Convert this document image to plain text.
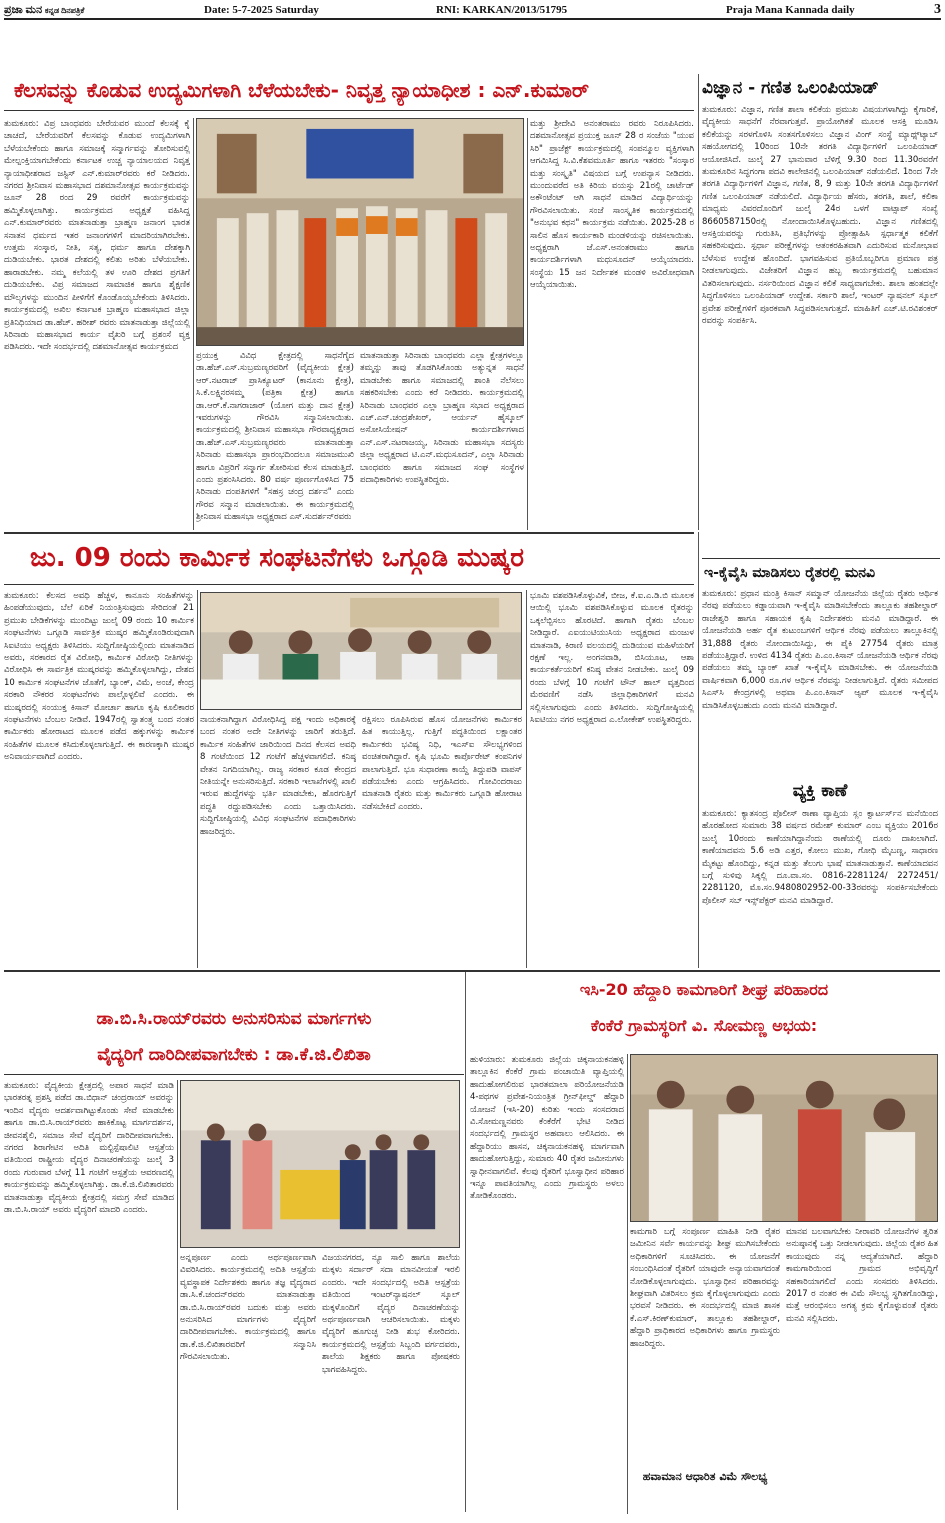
ಪ್ರಜಾ ಮನ ಕನ್ನಡ ದಿನಪತ್ರಿಕೆ	Date: 5-7-2025 Saturday	RNI: KARKAN/2013/51795	Praja Mana Kannada daily	3
ಕೆಲಸವನ್ನು ಕೊಡುವ ಉದ್ಯಮಿಗಳಾಗಿ ಬೆಳೆಯಬೇಕು- ನಿವೃತ್ತ ನ್ಯಾಯಾಧೀಶ : ಎನ್.ಕುಮಾರ್
ತುಮಕೂರು: ವಿಪ್ರ ಬಾಂಧವರು ಬೇರೆಯವರ ಮುಂದೆ ಕೆಲಸಕ್ಕೆ ಕೈ ಚಾಚದೆ, ಬೇರೆಯವರಿಗೆ ಕೆಲಸವನ್ನು ಕೊಡುವ ಉದ್ಯಮಿಗಳಾಗಿ ಬೆಳೆಯಬೇಕೆಂದು ಹಾಗೂ ಸಮಾಜಕ್ಕೆ ಸನ್ಮಾರ್ಗವನ್ನು ತೋರಿಸುವಲ್ಲಿ ಮೇಲ್ಪಂಕ್ತಿಯಾಗಬೇಕೆಂದು ಕರ್ನಾಟಕ ಉಚ್ಚ ನ್ಯಾಯಾಲಯದ ನಿವೃತ್ತ ನ್ಯಾಯಾಧೀಶರಾದ ಜಸ್ಟಿಸ್ ಎನ್.ಕುಮಾರ್‌ರವರು ಕರೆ ನೀಡಿದರು. ನಗರದ ಶ್ರೀನಿವಾಸ ಮಹಾಸಭಾದ ದಶಮಾನೋತ್ಸವ ಕಾರ್ಯಕ್ರಮವನ್ನು ಜೂನ್ 28 ರಂದ 29 ರವರೆಗೆ ಕಾರ್ಯಕ್ರಮವನ್ನು ಹಮ್ಮಿಕೊಳ್ಳಲಾಗಿತ್ತು. ಕಾರ್ಯಕ್ರಮದ ಅಧ್ಯಕ್ಷತೆ ವಹಿಸಿದ್ದ ಎನ್.ಕುಮಾರ್‌ರವರು ಮಾತನಾಡುತ್ತಾ ಬ್ರಾಹ್ಮಣ ಜನಾಂಗ ಭಾರತ ಸನಾತನ ಧರ್ಮದ ಇತರ ಜನಾಂಗಗಳಿಗೆ ಮಾದರಿಯಾಗಿರಬೇಕು. ಉತ್ತಮ ಸಂಸ್ಕಾರ, ನೀತಿ, ಸತ್ಯ, ಧರ್ಮ ಹಾಗೂ ದೇಶಕ್ಕಾಗಿ ದುಡಿಯಬೇಕು. ಭಾರತ ದೇಶದಲ್ಲಿ ಕಲಿತು ಅರಿತು ಬೆಳೆಯಬೇಕು. ಹಾರಾಡಬೇಕು. ನಮ್ಮ ಕಲೆಯಲ್ಲಿ ತಳ ಊರಿ ದೇಶದ ಪ್ರಗತಿಗೆ ದುಡಿಯಬೇಕು. ವಿಪ್ರ ಸಮಾಜದ ಸಾಮಾಜಿಕ ಹಾಗೂ ಶೈಕ್ಷಣಿಕ ಮೌಲ್ಯಗಳನ್ನು ಮುಂದಿನ ಪೀಳಿಗೆಗೆ ಕೊಂಡೊಯ್ಯಬೇಕೆಂದು ತಿಳಿಸಿದರು. ಕಾರ್ಯಕ್ರಮದಲ್ಲಿ ಅಖಿಲ ಕರ್ನಾಟಕ ಬ್ರಾಹ್ಮಣ ಮಹಾಸಭಾದ ಜಿಲ್ಲಾ ಪ್ರತಿನಿಧಿಯಾದ ಡಾ.ಹೆಚ್. ಹರೀಶ್ ರವರು ಮಾತನಾಡುತ್ತಾ ಜಿಲ್ಲೆಯಲ್ಲಿ ಸಿರಿನಾಡು ಮಹಾಸಭಾದ ಕಾರ್ಯ ವೈಖರಿ ಬಗ್ಗೆ ಪ್ರಶಂಸೆ ವ್ಯಕ್ತ ಪಡಿಸಿದರು. ಇದೇ ಸಂದರ್ಭದಲ್ಲಿ ದಶಮಾನೋತ್ಸವ ಕಾರ್ಯಕ್ರಮದ
ಪ್ರಯುಕ್ತ ವಿವಿಧ ಕ್ಷೇತ್ರದಲ್ಲಿ ಸಾಧನೆಗೈದ ಡಾ.ಹೆಚ್.ಎಸ್.ಸುಬ್ರಮಣ್ಯರವರಿಗೆ (ವೈದ್ಯಕೀಯ ಕ್ಷೇತ್ರ) ಆರ್.ನಟರಾಜ್ ಪ್ರಾಸಿಕ್ಯೂಟರ್ (ಕಾನೂನು ಕ್ಷೇತ್ರ), ಸಿ.ಕೆ.ಲಕ್ಷ್ಮಿನರಸಮ್ಮ (ಪತ್ರಿಕಾ ಕ್ಷೇತ್ರ) ಹಾಗೂ ಡಾ.ಆರ್.ಕೆ.ನಾಗರಾಜಾರ್ (ಯೋಗ ಮತ್ತು ದಾನ ಕ್ಷೇತ್ರ) ಇವರುಗಳನ್ನು ಗೌರವಿಸಿ ಸನ್ಮಾನಿಸಲಾಯಿತು. ಕಾರ್ಯಕ್ರಮದಲ್ಲಿ ಶ್ರೀನಿವಾಸ ಮಹಾಸಭಾ ಗೌರವಾಧ್ಯಕ್ಷರಾದ ಡಾ.ಹೆಚ್.ಎಸ್.ಸುಬ್ರಮಣ್ಯರವರು ಮಾತನಾಡುತ್ತಾ ಸಿರಿನಾಡು ಮಹಾಸಭಾ ಪ್ರಾರಂಭದಿಂದಲೂ ಸಮಾಜಮುಖಿ ಹಾಗೂ ವಿಪ್ರರಿಗೆ ಸನ್ಮಾರ್ಗ ತೋರಿಸುವ ಕೆಲಸ ಮಾಡುತ್ತಿದೆ. ಎಂದು ಪ್ರಶಂಸಿಸಿದರು. 80 ವರ್ಷ ಪೂರ್ಣಗೊಳಿಸಿದ 75 ಸಿರಿನಾಡು ದಂಪತಿಗಳಿಗೆ "ಸಹಸ್ರ ಚಂದ್ರ ದರ್ಶನ" ಎಂದು ಗೌರವ ಸನ್ಮಾನ ಮಾಡಲಾಯಿತು. ಈ ಕಾರ್ಯಕ್ರಮದಲ್ಲಿ ಶ್ರೀನಿವಾಸ ಮಹಾಸಭಾ ಅಧ್ಯಕ್ಷರಾದ ಎಸ್.ಸುದರ್ಶನ್‌ರವರು
ಮಾತನಾಡುತ್ತಾ ಸಿರಿನಾಡು ಬಾಂಧವರು ಎಲ್ಲಾ ಕ್ಷೇತ್ರಗಳಲ್ಲೂ ತಮ್ಮನ್ನು ತಾವು ತೊಡಗಿಸಿಕೊಂಡು ಅತ್ಯುನ್ನತ ಸಾಧನೆ ಮಾಡಬೇಕು ಹಾಗೂ ಸಮಾಜದಲ್ಲಿ ಶಾಂತಿ ನೆಲೆಸಲು ಸಹಕರಿಸಬೇಕು ಎಂದು ಕರೆ ನೀಡಿದರು. ಕಾರ್ಯಕ್ರಮದಲ್ಲಿ ಸಿರಿನಾಡು ಬಾಂಧವರ ಎಲ್ಲಾ ಬ್ರಾಹ್ಮಣ ಸಭಾದ ಅಧ್ಯಕ್ಷರಾದ ಎಚ್.ಎನ್.ಚಂದ್ರಶೇಖರ್, ಆರ್ಯನ್ ಹೈಸ್ಕೂಲ್ ಅಸೋಸಿಯೇಷನ್ ಕಾರ್ಯದರ್ಶಿಗಳಾದ ಎನ್.ಎಸ್.ನಟರಾಜಯ್ಯ, ಸಿರಿನಾಡು ಮಹಾಸಭಾ ಸದಸ್ಯರು ಜಿಲ್ಲಾ ಅಧ್ಯಕ್ಷರಾದ ಟಿ.ಎನ್.ಮಧುಸೂದನ್, ಎಲ್ಲಾ ಸಿರಿನಾಡು ಬಾಂಧವರು ಹಾಗೂ ಸಮಾಜದ ಸಂಘ ಸಂಸ್ಥೆಗಳ ಪದಾಧಿಕಾರಿಗಳು ಉಪಸ್ಥಿತರಿದ್ದರು.
ಮತ್ತು ಶ್ರೀದೇವಿ ಅನಂತರಾಮು ರವರು ನಿರೂಪಿಸಿದರು. ದಶಮಾನೋತ್ಸವ ಪ್ರಯುಕ್ತ ಜೂನ್ 28 ರ ಸಂಜೆಯ "ಯುವ ಸಿರಿ" ಪ್ರಾಜೆಕ್ಟ್ ಕಾರ್ಯಕ್ರಮದಲ್ಲಿ ಸಂಪನ್ಮೂಲ ವ್ಯಕ್ತಿಗಳಾಗಿ ಆಗಮಿಸಿದ್ದ ಸಿ.ವಿ.ಕೆಶವಮೂರ್ತಿ ಹಾಗೂ ಇತರರು "ಸಂಸ್ಕಾರ ಮತ್ತು ಸಂಸ್ಕೃತಿ" ವಿಷಯದ ಬಗ್ಗೆ ಉಪನ್ಯಾಸ ನೀಡಿದರು. ಮುಂದುವರೆದ ಅತಿ ಕಿರಿಯ ವಯಸ್ಸು 21ರಲ್ಲಿ ಚಾರ್ಟೆಡ್ ಅಕೌಂಟೆಂಟ್ ಆಗಿ ಸಾಧನೆ ಮಾಡಿದ ವಿದ್ಯಾರ್ಥಿಯನ್ನು ಗೌರವಿಸಲಾಯಿತು. ಸಂಜೆ ಸಾಂಸ್ಕೃತಿಕ ಕಾರ್ಯಕ್ರಮದಲ್ಲಿ "ಅನುಭವ ಕಥನ" ಕಾರ್ಯಕ್ರಮ ನಡೆಯಿತು. 2025-28 ರ ಸಾಲಿನ ಹೊಸ ಕಾರ್ಯಕಾರಿ ಮಂಡಳಿಯನ್ನು ರಚಿಸಲಾಯಿತು. ಅಧ್ಯಕ್ಷರಾಗಿ ಜೆ.ಎಸ್.ಅನಂತರಾಮು ಹಾಗೂ ಕಾರ್ಯದರ್ಶಿಗಳಾಗಿ ಮಧುಸೂದನ್ ಆಯ್ಕೆಯಾದರು. ಸಂಸ್ಥೆಯ 15 ಜನ ನಿರ್ದೇಶಕ ಮಂಡಳಿ ಅವಿರೋಧವಾಗಿ ಆಯ್ಕೆಯಾಯಿತು.
ವಿಜ್ಞಾನ - ಗಣಿತ ಒಲಂಪಿಯಾಡ್
ತುಮಕೂರು: ವಿಜ್ಞಾನ, ಗಣಿತ ಶಾಲಾ ಕಲಿಕೆಯ ಪ್ರಮುಖ ವಿಷಯಗಳಾಗಿದ್ದು ಕೈಗಾರಿಕೆ, ವೈದ್ಯಕೀಯ ಸಾಧನೆಗೆ ನೆರವಾಗುತ್ತವೆ. ಪ್ರಾಯೋಗಿಕತೆ ಮೂಲಕ ಆಸಕ್ತಿ ಮೂಡಿಸಿ ಕಲಿಕೆಯನ್ನು ಸರಳಗೊಳಿಸಿ ಸಂತಸಗೊಳಿಸಲು ವಿಜ್ಞಾನ ವಿಂಗ್ ಸಂಸ್ಥೆ ಮ್ಯಾಥ್ಸ್‌ಟ್ಯಾಬ್ ಸಹಯೋಗದಲ್ಲಿ 10ರಿಂದ 10ನೇ ತರಗತಿ ವಿದ್ಯಾರ್ಥಿಗಳಿಗೆ ಒಲಂಪಿಯಾಡ್ ಆಯೋಜಿಸಿದೆ. ಜುಲೈ 27 ಭಾನುವಾರ ಬೆಳಿಗ್ಗೆ 9.30 ರಿಂದ 11.30ರವರೆಗೆ ತುಮಕೂರಿನ ಸಿದ್ಧಗಂಗಾ ಪದವಿ ಕಾಲೇಜಿನಲ್ಲಿ ಒಲಂಪಿಯಾಡ್ ನಡೆಯಲಿದೆ. 1ರಿಂದ 7ನೇ ತರಗತಿ ವಿದ್ಯಾರ್ಥಿಗಳಿಗೆ ವಿಜ್ಞಾನ, ಗಣಿತ, 8, 9 ಮತ್ತು 10ನೇ ತರಗತಿ ವಿದ್ಯಾರ್ಥಿಗಳಿಗೆ ಗಣಿತ ಒಲಂಪಿಯಾಡ್ ನಡೆಯಲಿದೆ. ವಿದ್ಯಾರ್ಥಿಯ ಹೆಸರು, ತರಗತಿ, ಶಾಲೆ, ಕಲಿಕಾ ಮಾಧ್ಯಮ ವಿವರದೊಂದಿಗೆ ಜುಲೈ 24ರ ಒಳಗೆ ವಾಟ್ಸಾಪ್ ಸಂಖ್ಯೆ 8660587150ರಲ್ಲಿ ನೋಂದಾಯಿಸಿಕೊಳ್ಳಬಹುದು. ವಿಜ್ಞಾನ ಗಣಿತದಲ್ಲಿ ಆಸಕ್ತಿಯವರನ್ನು ಗುರುತಿಸಿ, ಪ್ರತಿಭೆಗಳನ್ನು ಪ್ರೋತ್ಸಾಹಿಸಿ ಸ್ಪರ್ಧಾತ್ಮಕ ಕಲಿಕೆಗೆ ಸಹಕರಿಸುವುದು. ಸ್ಪರ್ಧಾ ಪರೀಕ್ಷೆಗಳನ್ನು ಆತಂಕರಹಿತವಾಗಿ ಎದುರಿಸುವ ಮನೋಭಾವ ಬೆಳೆಸುವ ಉದ್ದೇಶ ಹೊಂದಿದೆ. ಭಾಗವಹಿಸುವ ಪ್ರತಿಯೊಬ್ಬರಿಗೂ ಪ್ರಮಾಣ ಪತ್ರ ನೀಡಲಾಗುವುದು. ವಿಜೇತರಿಗೆ ವಿಜ್ಞಾನ ಹಬ್ಬ ಕಾರ್ಯಕ್ರಮದಲ್ಲಿ ಬಹುಮಾನ ವಿತರಿಸಲಾಗುವುದು. ನರ್ಸರಿಯಿಂದ ವಿಜ್ಞಾನ ಕಲಿಕೆ ಸಾಧ್ಯವಾಗಬೇಕು. ಶಾಲಾ ಹಂತದಲ್ಲೇ ಸಿದ್ಧಗೊಳಿಸಲು ಒಲಂಪಿಯಾಡ್ ಉದ್ದೇಶ. ಸರ್ಕಾರಿ ಶಾಲೆ, ಇಂಟರ್ ನ್ಯಾಷನಲ್ ಸ್ಕೂಲ್ ಪ್ರವೇಶ ಪರೀಕ್ಷೆಗಳಿಗೆ ಪೂರಕವಾಗಿ ಸಿದ್ಧಪಡಿಸಲಾಗುತ್ತದೆ. ಮಾಹಿತಿಗೆ ಎಚ್.ಟಿ.ರವಿಶಂಕರ್ ರವರನ್ನು ಸಂಪರ್ಕಿಸಿ.
ಜು. 09 ರಂದು ಕಾರ್ಮಿಕ ಸಂಘಟನೆಗಳು ಒಗ್ಗೂಡಿ ಮುಷ್ಕರ
ತುಮಕೂರು: ಕೆಲಸದ ಅವಧಿ ಹೆಚ್ಚಳ, ಕಾನೂನು ಸಂಹಿತೆಗಳನ್ನು ಹಿಂಪಡೆಯುವುದು, ಬೆಲೆ ಏರಿಕೆ ನಿಯಂತ್ರಿಸುವುದು ಸೇರಿದಂತೆ 21 ಪ್ರಮುಖ ಬೇಡಿಕೆಗಳನ್ನು ಮುಂದಿಟ್ಟು ಜುಲೈ 09 ರಂದು 10 ಕಾರ್ಮಿಕ ಸಂಘಟನೆಗಳು ಒಗ್ಗೂಡಿ ಸಾರ್ವತ್ರಿಕ ಮುಷ್ಕರ ಹಮ್ಮಿಕೊಂಡಿರುವುದಾಗಿ ಸಿಐಟಿಯು ಅಧ್ಯಕ್ಷರು ತಿಳಿಸಿದರು. ಸುದ್ದಿಗೋಷ್ಠಿಯಲ್ಲಿಂದು ಮಾತನಾಡಿದ ಅವರು, ಸರಕಾರದ ರೈತ ವಿರೋಧಿ, ಕಾರ್ಮಿಕ ವಿರೋಧಿ ನೀತಿಗಳನ್ನು ವಿರೋಧಿಸಿ ಈ ಸಾರ್ವತ್ರಿಕ ಮುಷ್ಕರವನ್ನು ಹಮ್ಮಿಕೊಳ್ಳಲಾಗಿದ್ದು, ದೇಶದ 10 ಕಾರ್ಮಿಕ ಸಂಘಟನೆಗಳ ಜೊತೆಗೆ, ಬ್ಯಾಂಕ್, ವಿಮೆ, ಅಂಚೆ, ಕೇಂದ್ರ ಸರಕಾರಿ ನೌಕರರ ಸಂಘಟನೆಗಳು ಪಾಲ್ಗೊಳ್ಳಲಿವೆ ಎಂದರು. ಈ ಮುಷ್ಕರದಲ್ಲಿ ಸಂಯುಕ್ತ ಕಿಸಾನ್ ಮೋರ್ಚಾ ಹಾಗೂ ಕೃಷಿ ಕೂಲಿಕಾರರ ಸಂಘಟನೆಗಳು ಬೆಂಬಲ ನೀಡಿವೆ. 1947ರಲ್ಲಿ ಸ್ವಾತಂತ್ರ್ಯ ಬಂದ ನಂತರ ಕಾರ್ಮಿಕರು ಹೋರಾಟದ ಮೂಲಕ ಪಡೆದ ಹಕ್ಕುಗಳನ್ನು ಕಾರ್ಮಿಕ ಸಂಹಿತೆಗಳ ಮೂಲಕ ಕಸಿದುಕೊಳ್ಳಲಾಗುತ್ತಿದೆ. ಈ ಕಾರಣಕ್ಕಾಗಿ ಮುಷ್ಕರ ಅನಿವಾರ್ಯವಾಗಿದೆ ಎಂದರು.
ನಾಯಕನಾಗಿದ್ದಾಗ ವಿರೋಧಿಸಿದ್ದ ಪಕ್ಷ ಇಂದು ಅಧಿಕಾರಕ್ಕೆ ಬಂದ ನಂತರ ಅದೇ ನೀತಿಗಳನ್ನು ಜಾರಿಗೆ ತರುತ್ತಿದೆ. ಕಾರ್ಮಿಕ ಸಂಹಿತೆಗಳ ಜಾರಿಯಿಂದ ದಿನದ ಕೆಲಸದ ಅವಧಿ 8 ಗಂಟೆಯಿಂದ 12 ಗಂಟೆಗೆ ಹೆಚ್ಚಳವಾಗಲಿದೆ. ಕನಿಷ್ಠ ವೇತನ ನಿಗದಿಯಾಗಿಲ್ಲ. ರಾಜ್ಯ ಸರಕಾರ ಕೂಡ ಕೇಂದ್ರದ ನೀತಿಯನ್ನೇ ಅನುಸರಿಸುತ್ತಿದೆ. ಸರಕಾರಿ ಇಲಾಖೆಗಳಲ್ಲಿ ಖಾಲಿ ಇರುವ ಹುದ್ದೆಗಳನ್ನು ಭರ್ತಿ ಮಾಡಬೇಕು, ಹೊರಗುತ್ತಿಗೆ ಪದ್ಧತಿ ರದ್ದುಪಡಿಸಬೇಕು ಎಂದು ಒತ್ತಾಯಿಸಿದರು. ಸುದ್ದಿಗೋಷ್ಠಿಯಲ್ಲಿ ವಿವಿಧ ಸಂಘಟನೆಗಳ ಪದಾಧಿಕಾರಿಗಳು ಹಾಜರಿದ್ದರು.
ರಕ್ಷಿಸಲು ರೂಪಿಸಿರುವ ಹೊಸ ಯೋಜನೆಗಳು ಕಾರ್ಮಿಕರ ಹಿತ ಕಾಯುತ್ತಿಲ್ಲ. ಗುತ್ತಿಗೆ ಪದ್ಧತಿಯಿಂದ ಲಕ್ಷಾಂತರ ಕಾರ್ಮಿಕರು ಭವಿಷ್ಯ ನಿಧಿ, ಇಎಸ್‌ಐ ಸೌಲಭ್ಯಗಳಿಂದ ವಂಚಿತರಾಗಿದ್ದಾರೆ. ಕೃಷಿ ಭೂಮಿ ಕಾರ್ಪೊರೇಟ್ ಕಂಪನಿಗಳ ಪಾಲಾಗುತ್ತಿದೆ. ಭೂ ಸುಧಾರಣಾ ಕಾಯ್ದೆ ತಿದ್ದುಪಡಿ ವಾಪಸ್ ಪಡೆಯಬೇಕು ಎಂದು ಆಗ್ರಹಿಸಿದರು. ಗೋವಿಂದರಾಜು ಮಾತನಾಡಿ ರೈತರು ಮತ್ತು ಕಾರ್ಮಿಕರು ಒಗ್ಗೂಡಿ ಹೋರಾಟ ನಡೆಸಬೇಕಿದೆ ಎಂದರು.
ಭೂಮಿ ವಶಪಡಿಸಿಕೊಳ್ಳುವಿಕೆ, ಬೀಜ, ಕೆ.ಐ.ಎ.ಡಿ.ಬಿ ಮೂಲಕ ಆಯಿಲ್ಲಿ ಭೂಮಿ ವಶಪಡಿಸಿಕೊಳ್ಳುವ ಮೂಲಕ ರೈತರನ್ನು ಒಕ್ಕಲೆಬ್ಬಿಸಲು ಹೊರಟಿದೆ. ಹಾಗಾಗಿ ರೈತರು ಬೆಂಬಲ ನೀಡಿದ್ದಾರೆ. ಎಐಯುಟಿಯುಸಿಯ ಅಧ್ಯಕ್ಷರಾದ ಮಂಜುಳ ಮಾತನಾಡಿ, ಕಿರಾಣಿ ವಲಯದಲ್ಲಿ ದುಡಿಯುವ ಮಹಿಳೆಯರಿಗೆ ರಕ್ಷಣೆ ಇಲ್ಲ. ಅಂಗನವಾಡಿ, ಬಿಸಿಯೂಟ, ಆಶಾ ಕಾರ್ಯಕರ್ತೆಯರಿಗೆ ಕನಿಷ್ಠ ವೇತನ ನೀಡಬೇಕು. ಜುಲೈ 09 ರಂದು ಬೆಳಗ್ಗೆ 10 ಗಂಟೆಗೆ ಟೌನ್ ಹಾಲ್ ವೃತ್ತದಿಂದ ಮೆರವಣಿಗೆ ನಡೆಸಿ ಜಿಲ್ಲಾಧಿಕಾರಿಗಳಿಗೆ ಮನವಿ ಸಲ್ಲಿಸಲಾಗುವುದು ಎಂದು ತಿಳಿಸಿದರು. ಸುದ್ದಿಗೋಷ್ಠಿಯಲ್ಲಿ ಸಿಐಟಿಯು ನಗರ ಅಧ್ಯಕ್ಷರಾದ ಎ.ಲೋಕೇಶ್ ಉಪಸ್ಥಿತರಿದ್ದರು.
ಇ-ಕೈವೈಸಿ ಮಾಡಿಸಲು ರೈತರಲ್ಲಿ ಮನವಿ
ತುಮಕೂರು: ಪ್ರಧಾನ ಮಂತ್ರಿ ಕಿಸಾನ್ ಸಮ್ಮಾನ್ ಯೋಜನೆಯ ಜಿಲ್ಲೆಯ ರೈತರು ಆರ್ಥಿಕ ನೆರವು ಪಡೆಯಲು ಕಡ್ಡಾಯವಾಗಿ ಇ-ಕೈವೈಸಿ ಮಾಡಿಸಬೇಕೆಂದು ತಾಲ್ಲೂಕು ತಹಶೀಲ್ದಾರ್ ರಾಜೇಶ್ವರಿ ಹಾಗೂ ಸಹಾಯಕ ಕೃಷಿ ನಿರ್ದೇಶಕರು ಮನವಿ ಮಾಡಿದ್ದಾರೆ. ಈ ಯೋಜನೆಯಡಿ ಅರ್ಹ ರೈತ ಕುಟುಂಬಗಳಿಗೆ ಆರ್ಥಿಕ ನೆರವು ಪಡೆಯಲು ತಾಲ್ಲೂಕಿನಲ್ಲಿ 31,888 ರೈತರು ನೋಂದಾಯಿಸಿದ್ದು, ಈ ಪೈಕಿ 27754 ರೈತರು ಮಾತ್ರ ಪಡೆಯುತ್ತಿದ್ದಾರೆ. ಉಳಿದ 4134 ರೈತರು ಪಿ.ಎಂ.ಕಿಸಾನ್ ಯೋಜನೆಯಡಿ ಆರ್ಥಿಕ ನೆರವು ಪಡೆಯಲು ತಮ್ಮ ಬ್ಯಾಂಕ್ ಖಾತೆ ಇ-ಕೈವೈಸಿ ಮಾಡಿಸಬೇಕು. ಈ ಯೋಜನೆಯಡಿ ವಾರ್ಷಿಕವಾಗಿ 6,000 ರೂ.ಗಳ ಆರ್ಥಿಕ ನೆರವನ್ನು ನೀಡಲಾಗುತ್ತಿದೆ. ರೈತರು ಸಮೀಪದ ಸಿಎಸ್‌ಸಿ ಕೇಂದ್ರಗಳಲ್ಲಿ ಅಥವಾ ಪಿ.ಎಂ.ಕಿಸಾನ್ ಆ್ಯಪ್ ಮೂಲಕ ಇ-ಕೈವೈಸಿ ಮಾಡಿಸಿಕೊಳ್ಳಬಹುದು ಎಂದು ಮನವಿ ಮಾಡಿದ್ದಾರೆ.
ವ್ಯಕ್ತಿ ಕಾಣೆ
ತುಮಕೂರು: ಕ್ಯಾತಸಂದ್ರ ಪೊಲೀಸ್ ಠಾಣಾ ವ್ಯಾಪ್ತಿಯ ಸ್ಲಂ ಕ್ವಾರ್ಟರ್ಸ್‌ನ ಮನೆಯಿಂದ ಹೊರಹೋದ ಸುಮಾರು 38 ವರ್ಷದ ರಮೇಶ್ ಕುಮಾರ್ ಎಂಬ ವ್ಯಕ್ತಿಯು 2016ರ ಜುಲೈ 10ರಂದು ಕಾಣೆಯಾಗಿದ್ದಾನೆಂದು ಠಾಣೆಯಲ್ಲಿ ದೂರು ದಾಖಲಾಗಿದೆ. ಕಾಣೆಯಾದವನು 5.6 ಅಡಿ ಎತ್ತರ, ಕೋಲು ಮುಖ, ಗೋಧಿ ಮೈಬಣ್ಣ, ಸಾಧಾರಣ ಮೈಕಟ್ಟು ಹೊಂದಿದ್ದು, ಕನ್ನಡ ಮತ್ತು ತೆಲುಗು ಭಾಷೆ ಮಾತನಾಡುತ್ತಾನೆ. ಕಾಣೆಯಾದವನ ಬಗ್ಗೆ ಸುಳಿವು ಸಿಕ್ಕಲ್ಲಿ ದೂ.ವಾ.ಸಂ. 0816-2281124/ 2272451/ 2281120, ಮೊ.ಸಂ.9480802952-00-33ರವರನ್ನು ಸಂಪರ್ಕಿಸಬೇಕೆಂದು ಪೊಲೀಸ್ ಸಬ್ ಇನ್ಸ್‌ಪೆಕ್ಟರ್ ಮನವಿ ಮಾಡಿದ್ದಾರೆ.
ಡಾ.ಬಿ.ಸಿ.ರಾಯ್‌ರವರು ಅನುಸರಿಸುವ ಮಾರ್ಗಗಳು
ವೈದ್ಯರಿಗೆ ದಾರಿದೀಪವಾಗಬೇಕು : ಡಾ.ಕೆ.ಜಿ.ಲಿಖಿತಾ
ತುಮಕೂರು: ವೈದ್ಯಕೀಯ ಕ್ಷೇತ್ರದಲ್ಲಿ ಅಪಾರ ಸಾಧನೆ ಮಾಡಿ ಭಾರತರತ್ನ ಪ್ರಶಸ್ತಿ ಪಡೆದ ಡಾ.ಬಿಧಾನ್ ಚಂದ್ರರಾಯ್ ಅವರನ್ನು ಇಂದಿನ ವೈದ್ಯರು ಆದರ್ಶವಾಗಿಟ್ಟುಕೊಂಡು ಸೇವೆ ಮಾಡಬೇಕು ಹಾಗೂ ಡಾ.ಬಿ.ಸಿ.ರಾಯ್‌ರವರು ಹಾಕಿಕೊಟ್ಟ ಮಾರ್ಗದರ್ಶನ, ಜೀವನಶೈಲಿ, ಸಮಾಜ ಸೇವೆ ವೈದ್ಯರಿಗೆ ದಾರಿದೀಪವಾಗಬೇಕು. ನಗರದ ಶಿರಾಗೇಟಿನ ಅದಿತಿ ಮಲ್ಟಿಸ್ಪೆಷಾಲಿಟಿ ಆಸ್ಪತ್ರೆಯ ವತಿಯಿಂದ ರಾಷ್ಟ್ರೀಯ ವೈದ್ಯರ ದಿನಾಚರಣೆಯನ್ನು ಜುಲೈ 3 ರಂದು ಗುರುವಾರ ಬೆಳಗ್ಗೆ 11 ಗಂಟೆಗೆ ಆಸ್ಪತ್ರೆಯ ಆವರಣದಲ್ಲಿ ಕಾರ್ಯಕ್ರಮವನ್ನು ಹಮ್ಮಿಕೊಳ್ಳಲಾಗಿತ್ತು. ಡಾ.ಕೆ.ಜಿ.ಲಿಖಿತಾರವರು ಮಾತನಾಡುತ್ತಾ ವೈದ್ಯಕೀಯ ಕ್ಷೇತ್ರದಲ್ಲಿ ಸಮಗ್ರ ಸೇವೆ ಮಾಡಿದ ಡಾ.ಬಿ.ಸಿ.ರಾಯ್ ಅವರು ವೈದ್ಯರಿಗೆ ಮಾದರಿ ಎಂದರು.
ಅನ್ನಪೂರ್ಣ ಎಂದು ಅರ್ಥಪೂರ್ಣವಾಗಿ ವಿವರಿಸಿದರು. ಕಾರ್ಯಕ್ರಮದಲ್ಲಿ ಅದಿತಿ ಆಸ್ಪತ್ರೆಯ ವ್ಯವಸ್ಥಾಪಕ ನಿರ್ದೇಶಕರು ಹಾಗೂ ತಜ್ಞ ವೈದ್ಯರಾದ ಡಾ.ಸಿ.ಕೆ.ಚಂದನ್‌ರವರು ಮಾತನಾಡುತ್ತಾ ಡಾ.ಬಿ.ಸಿ.ರಾಯ್‌ರವರ ಬದುಕು ಮತ್ತು ಅವರು ಅನುಸರಿಸಿದ ಮಾರ್ಗಗಳು ವೈದ್ಯರಿಗೆ ದಾರಿದೀಪವಾಗಬೇಕು. ಕಾರ್ಯಕ್ರಮದಲ್ಲಿ ಹಾಗೂ ಡಾ.ಕೆ.ಜಿ.ಲಿಖಿತಾರವರಿಗೆ ಸನ್ಮಾನಿಸಿ ಗೌರವಿಸಲಾಯಿತು.
ವಿಜಯನಗರದ, ನ್ಯೂ ಸಾಲಿ ಹಾಗೂ ಶಾಲೆಯ ಮಕ್ಕಳು ಸರ್ದಾರ್ ಸದಾ ಮಾನವೀಯತೆ ಇರಲಿ ಎಂದರು. ಇದೇ ಸಂದರ್ಭದಲ್ಲಿ ಅದಿತಿ ಆಸ್ಪತ್ರೆಯ ವತಿಯಿಂದ ಇಂಟರ್‌ನ್ಯಾಷನಲ್ ಸ್ಕೂಲ್ ಮಕ್ಕಳೊಂದಿಗೆ ವೈದ್ಯರ ದಿನಾಚರಣೆಯನ್ನು ಅರ್ಥಪೂರ್ಣವಾಗಿ ಆಚರಿಸಲಾಯಿತು. ಮಕ್ಕಳು ವೈದ್ಯರಿಗೆ ಹೂಗುಚ್ಛ ನೀಡಿ ಶುಭ ಕೋರಿದರು. ಕಾರ್ಯಕ್ರಮದಲ್ಲಿ ಆಸ್ಪತ್ರೆಯ ಸಿಬ್ಬಂದಿ ವರ್ಗದವರು, ಶಾಲೆಯ ಶಿಕ್ಷಕರು ಹಾಗೂ ಪೋಷಕರು ಭಾಗವಹಿಸಿದ್ದರು.
ಇಸಿ-20 ಹೆದ್ದಾರಿ ಕಾಮಗಾರಿಗೆ ಶೀಘ್ರ ಪರಿಹಾರದ
ಕೆಂಕೆರೆ ಗ್ರಾಮಸ್ಥರಿಗೆ ವಿ. ಸೋಮಣ್ಣ ಅಭಯ:
ಹುಳಿಯಾರು: ತುಮಕೂರು ಜಿಲ್ಲೆಯ ಚಿಕ್ಕನಾಯಕನಹಳ್ಳಿ ತಾಲ್ಲೂಕಿನ ಕೆಂಕೆರೆ ಗ್ರಾಮ ಪಂಚಾಯಿತಿ ವ್ಯಾಪ್ತಿಯಲ್ಲಿ ಹಾದುಹೋಗಲಿರುವ ಭಾರತಮಾಲಾ ಪರಿಯೋಜನೆಯಡಿ 4-ಪಥಗಳ ಪ್ರವೇಶ-ನಿಯಂತ್ರಿತ ಗ್ರೀನ್‌ಫೀಲ್ಡ್ ಹೆದ್ದಾರಿ ಯೋಜನೆ (ಇಸಿ-20) ಕುರಿತು ಇಂದು ಸಂಸದರಾದ ವಿ.ಸೋಮಣ್ಣನವರು ಕೆಂಕೆರೆಗೆ ಭೇಟಿ ನೀಡಿದ ಸಂದರ್ಭದಲ್ಲಿ ಗ್ರಾಮಸ್ಥರ ಅಹವಾಲು ಆಲಿಸಿದರು. ಈ ಹೆದ್ದಾರಿಯು ಹಾಸನ, ಚಿಕ್ಕನಾಯಕನಹಳ್ಳಿ ಮಾರ್ಗವಾಗಿ ಹಾದುಹೋಗುತ್ತಿದ್ದು, ಸುಮಾರು 40 ರೈತರ ಜಮೀನುಗಳು ಸ್ವಾಧೀನವಾಗಲಿವೆ. ಕೆಲವು ರೈತರಿಗೆ ಭೂಸ್ವಾಧೀನ ಪರಿಹಾರ ಇನ್ನೂ ಪಾವತಿಯಾಗಿಲ್ಲ ಎಂದು ಗ್ರಾಮಸ್ಥರು ಅಳಲು ತೋಡಿಕೊಂಡರು.
ಕಾಮಗಾರಿ ಬಗ್ಗೆ ಸಂಪೂರ್ಣ ಮಾಹಿತಿ ನೀಡಿ ರೈತರ ಜಮೀನಿನ ಸರ್ವೆ ಕಾರ್ಯವನ್ನು ಶೀಘ್ರ ಮುಗಿಸಬೇಕೆಂದು ಅಧಿಕಾರಿಗಳಿಗೆ ಸೂಚಿಸಿದರು. ಈ ಯೋಜನೆಗೆ ಸಂಬಂಧಿಸಿದಂತೆ ರೈತರಿಗೆ ಯಾವುದೇ ಅನ್ಯಾಯವಾಗದಂತೆ ನೋಡಿಕೊಳ್ಳಲಾಗುವುದು. ಭೂಸ್ವಾಧೀನ ಪರಿಹಾರವನ್ನು ಶೀಘ್ರವಾಗಿ ವಿತರಿಸಲು ಕ್ರಮ ಕೈಗೊಳ್ಳಲಾಗುವುದು ಎಂದು ಭರವಸೆ ನೀಡಿದರು. ಈ ಸಂದರ್ಭದಲ್ಲಿ ಮಾಜಿ ಶಾಸಕ ಕೆ.ಎಸ್.ಕಿರಣ್‌ಕುಮಾರ್, ತಾಲ್ಲೂಕು ತಹಶೀಲ್ದಾರ್, ಹೆದ್ದಾರಿ ಪ್ರಾಧಿಕಾರದ ಅಧಿಕಾರಿಗಳು ಹಾಗೂ ಗ್ರಾಮಸ್ಥರು ಹಾಜರಿದ್ದರು.
ಮಾನವ ಬಲವಾಗಬೇಕು ನೀರಾವರಿ ಯೋಜನೆಗಳ ತ್ವರಿತ ಅನುಷ್ಠಾನಕ್ಕೆ ಒತ್ತು ನೀಡಲಾಗುವುದು. ಜಿಲ್ಲೆಯ ರೈತರ ಹಿತ ಕಾಯುವುದು ನನ್ನ ಆದ್ಯತೆಯಾಗಿದೆ. ಹೆದ್ದಾರಿ ಕಾಮಗಾರಿಯಿಂದ ಗ್ರಾಮದ ಅಭಿವೃದ್ಧಿಗೆ ಸಹಕಾರಿಯಾಗಲಿದೆ ಎಂದು ಸಂಸದರು ತಿಳಿಸಿದರು. 2017 ರ ನಂತರ ಈ ವಿಮೆ ಸೌಲಭ್ಯ ಸ್ಥಗಿತಗೊಂಡಿದ್ದು, ಮತ್ತೆ ಆರಂಭಿಸಲು ಅಗತ್ಯ ಕ್ರಮ ಕೈಗೊಳ್ಳುವಂತೆ ರೈತರು ಮನವಿ ಸಲ್ಲಿಸಿದರು.
ಹವಾಮಾನ ಆಧಾರಿತ ವಿಮೆ ಸೌಲಭ್ಯ
